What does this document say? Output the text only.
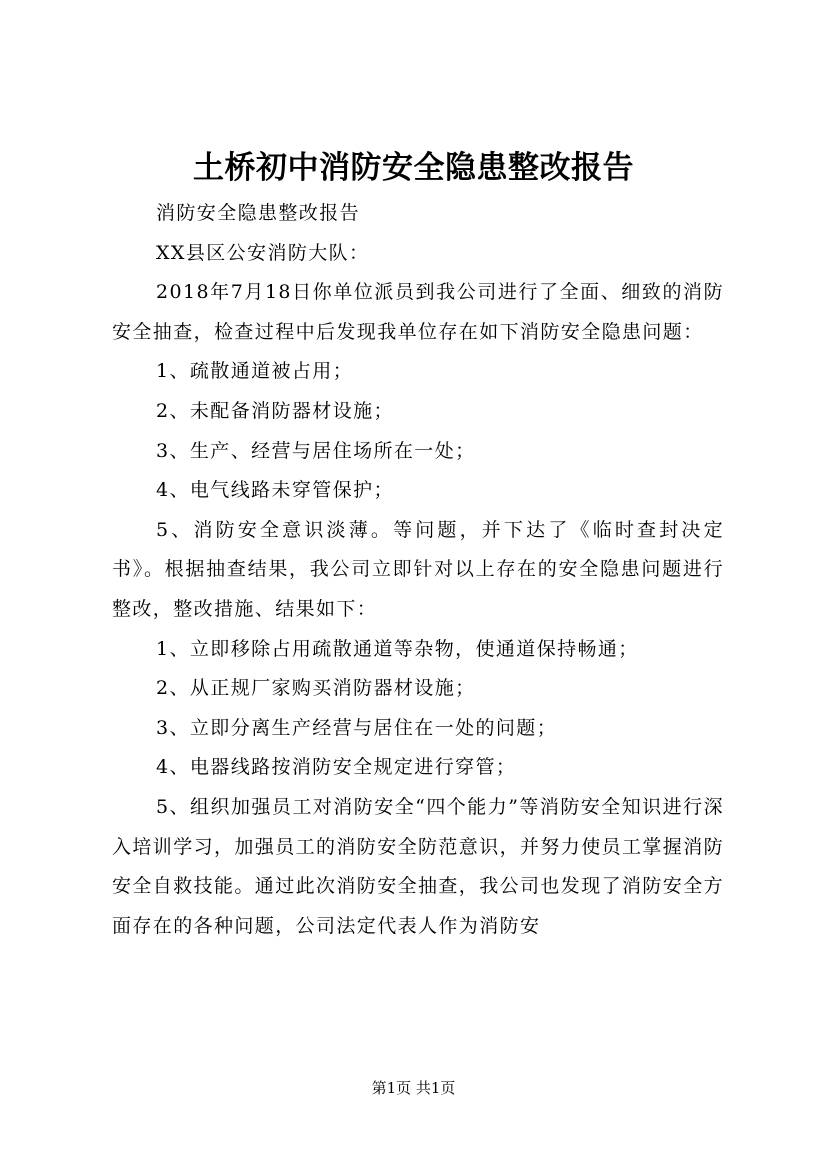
土桥初中消防安全隐患整改报告

消防安全隐患整改报告

XX县区公安消防大队：

2018年7月18日你单位派员到我公司进行了全面、细致的消防安全抽查，检查过程中后发现我单位存在如下消防安全隐患问题：

1、疏散通道被占用；

2、未配备消防器材设施；

3、生产、经营与居住场所在一处；

4、电气线路未穿管保护；

5、消防安全意识淡薄。等问题，并下达了《临时查封决定书》。根据抽查结果，我公司立即针对以上存在的安全隐患问题进行整改，整改措施、结果如下：

1、立即移除占用疏散通道等杂物，使通道保持畅通；

2、从正规厂家购买消防器材设施；

3、立即分离生产经营与居住在一处的问题；

4、电器线路按消防安全规定进行穿管；

5、组织加强员工对消防安全“四个能力”等消防安全知识进行深入培训学习，加强员工的消防安全防范意识，并努力使员工掌握消防安全自救技能。通过此次消防安全抽查，我公司也发现了消防安全方面存在的各种问题，公司法定代表人作为消防安

第1页 共1页
